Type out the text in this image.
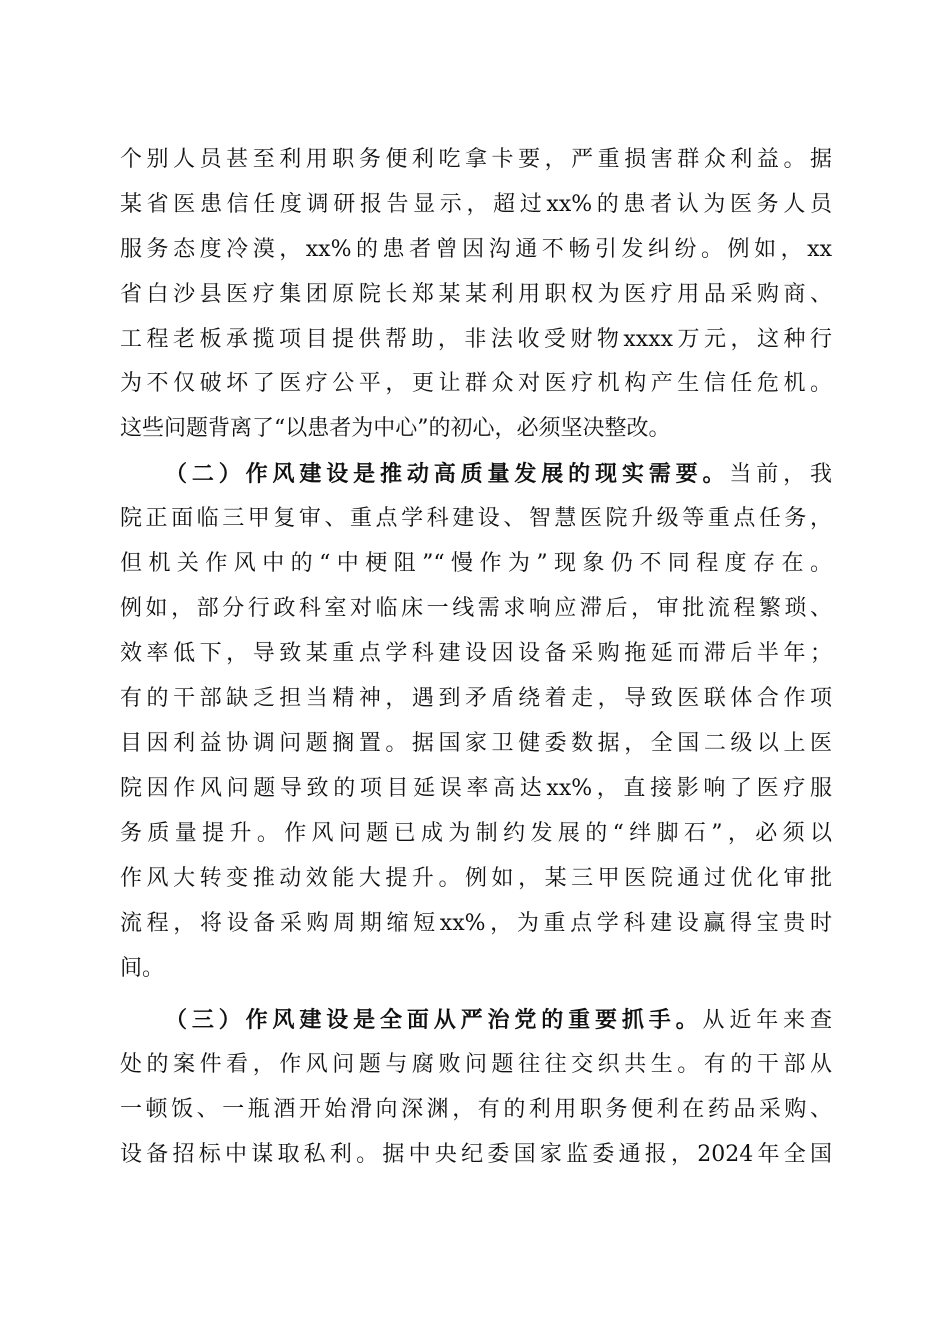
个别人员甚至利用职务便利吃拿卡要，严重损害群众利益。据
某省医患信任度调研报告显示，超过xx%的患者认为医务人员
服务态度冷漠，xx%的患者曾因沟通不畅引发纠纷。例如，xx
省白沙县医疗集团原院长郑某某利用职权为医疗用品采购商、
工程老板承揽项目提供帮助，非法收受财物xxxx万元，这种行
为不仅破坏了医疗公平，更让群众对医疗机构产生信任危机。
这些问题背离了“以患者为中心”的初心，必须坚决整改。
（二）作风建设是推动高质量发展的现实需要。当前，我
院正面临三甲复审、重点学科建设、智慧医院升级等重点任务，
但机关作风中的“中梗阻”“慢作为”现象仍不同程度存在。
例如，部分行政科室对临床一线需求响应滞后，审批流程繁琐、
效率低下，导致某重点学科建设因设备采购拖延而滞后半年；
有的干部缺乏担当精神，遇到矛盾绕着走，导致医联体合作项
目因利益协调问题搁置。据国家卫健委数据，全国二级以上医
院因作风问题导致的项目延误率高达xx%，直接影响了医疗服
务质量提升。作风问题已成为制约发展的“绊脚石”，必须以
作风大转变推动效能大提升。例如，某三甲医院通过优化审批
流程，将设备采购周期缩短xx%，为重点学科建设赢得宝贵时
间。
（三）作风建设是全面从严治党的重要抓手。从近年来查
处的案件看，作风问题与腐败问题往往交织共生。有的干部从
一顿饭、一瓶酒开始滑向深渊，有的利用职务便利在药品采购、
设备招标中谋取私利。据中央纪委国家监委通报，2024年全国
